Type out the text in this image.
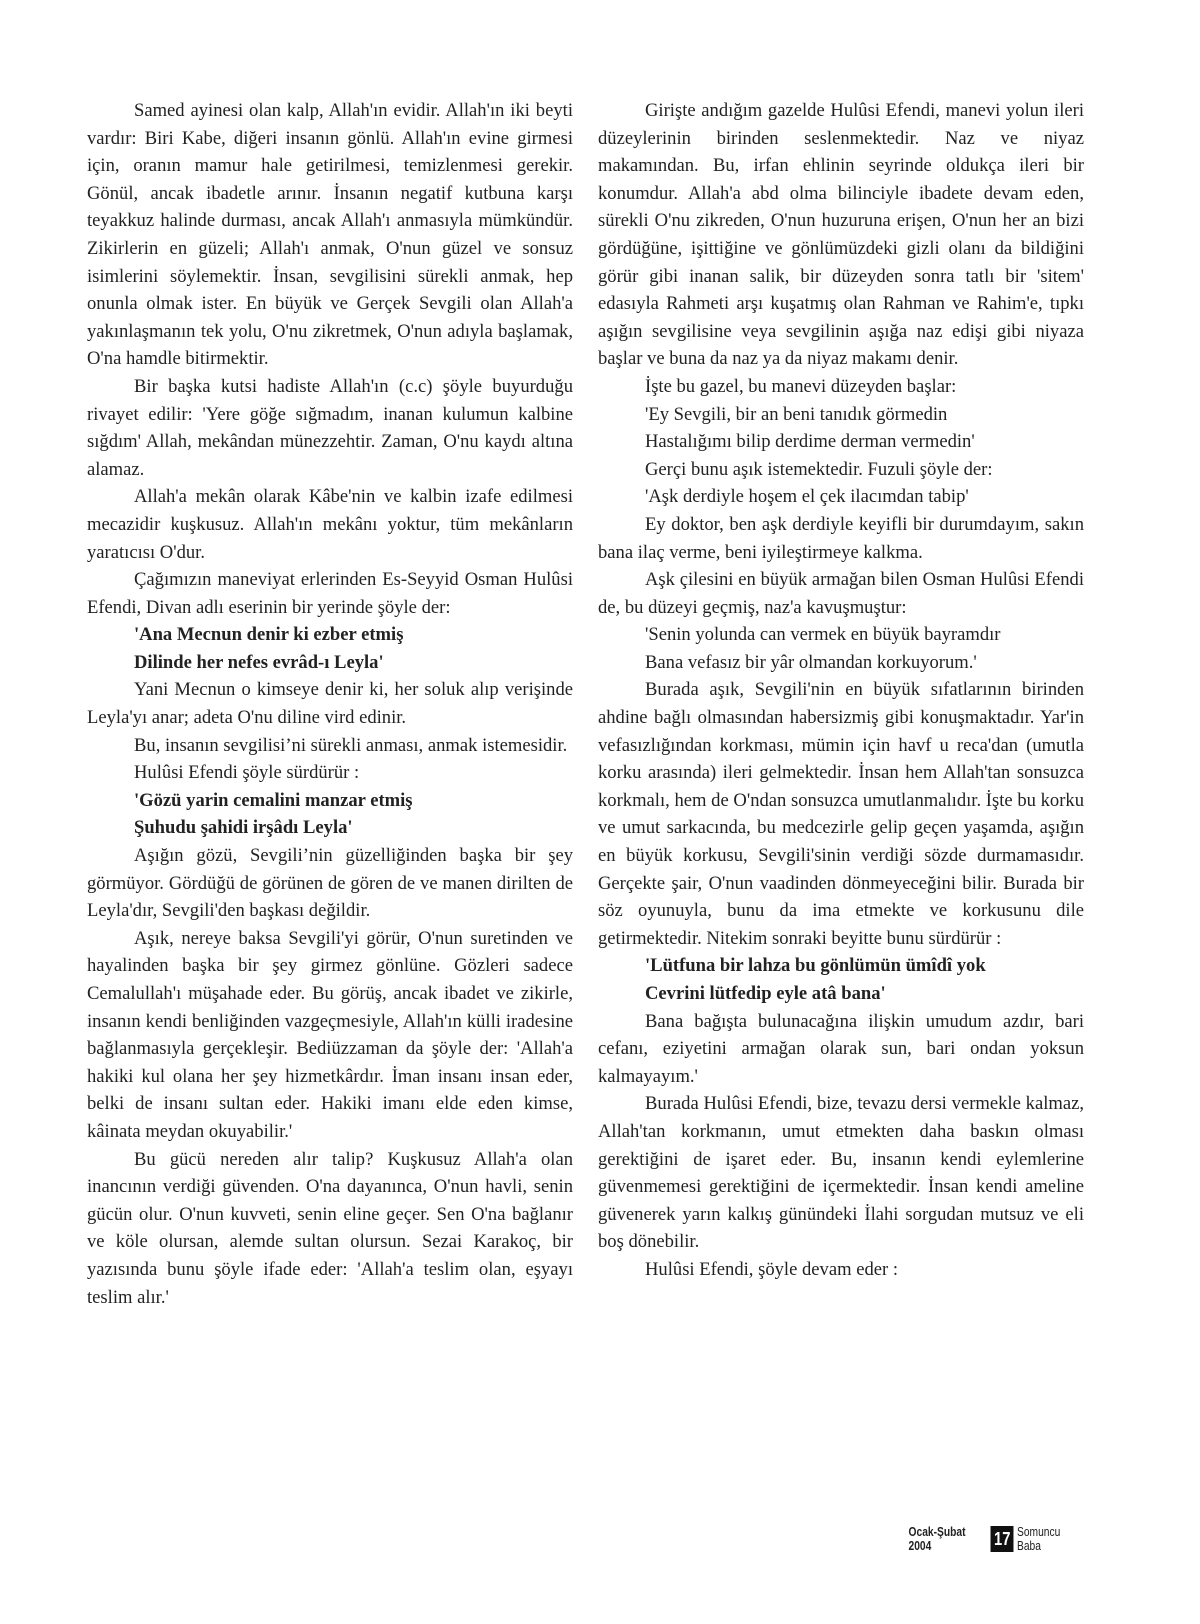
Samed ayinesi olan kalp, Allah'ın evidir. Allah'ın iki beyti vardır: Biri Kabe, diğeri insanın gönlü. Allah'ın evine girmesi için, oranın mamur hale getirilmesi, temizlenmesi gerekir. Gönül, ancak ibadetle arınır. İnsanın negatif kutbuna karşı teyakkuz halinde durması, ancak Allah'ı anmasıyla mümkündür. Zikirlerin en güzeli; Allah'ı anmak, O'nun güzel ve sonsuz isimlerini söylemektir. İnsan, sevgilisini sürekli anmak, hep onunla olmak ister. En büyük ve Gerçek Sevgili olan Allah'a yakınlaşmanın tek yolu, O'nu zikretmek, O'nun adıyla başlamak, O'na hamdle bitirmektir.

Bir başka kutsi hadiste Allah'ın (c.c) şöyle buyurduğu rivayet edilir: 'Yere göğe sığmadım, inanan kulumun kalbine sığdım' Allah, mekândan münezzehtir. Zaman, O'nu kaydı altına alamaz.

Allah'a mekân olarak Kâbe'nin ve kalbin izafe edilmesi mecazidir kuşkusuz. Allah'ın mekânı yoktur, tüm mekânların yaratıcısı O'dur.

Çağımızın maneviyat erlerinden Es-Seyyid Osman Hulûsi Efendi, Divan adlı eserinin bir yerinde şöyle der:

'Ana Mecnun denir ki ezber etmiş

Dilinde her nefes evrâd-ı Leyla'

Yani Mecnun o kimseye denir ki, her soluk alıp verişinde Leyla'yı anar; adeta O'nu diline vird edinir.

Bu, insanın sevgilisi’ni sürekli anması, anmak istemesidir.

Hulûsi Efendi şöyle sürdürür :

'Gözü yarin cemalini manzar etmiş

Şuhudu şahidi irşâdı Leyla'

Aşığın gözü, Sevgili’nin güzelliğinden başka bir şey görmüyor. Gördüğü de görünen de gören de ve manen dirilten de Leyla'dır, Sevgili'den başkası değildir.

Aşık, nereye baksa Sevgili'yi görür, O'nun suretinden ve hayalinden başka bir şey girmez gönlüne. Gözleri sadece Cemalullah'ı müşahade eder. Bu görüş, ancak ibadet ve zikirle, insanın kendi benliğinden vazgeçmesiyle, Allah'ın külli iradesine bağlanmasıyla gerçekleşir. Bediüzzaman da şöyle der: 'Allah'a hakiki kul olana her şey hizmetkârdır. İman insanı insan eder, belki de insanı sultan eder. Hakiki imanı elde eden kimse, kâinata meydan okuyabilir.'

Bu gücü nereden alır talip? Kuşkusuz Allah'a olan inancının verdiği güvenden. O'na dayanınca, O'nun havli, senin gücün olur. O'nun kuvveti, senin eline geçer. Sen O'na bağlanır ve köle olursan, alemde sultan olursun. Sezai Karakoç, bir yazısında bunu şöyle ifade eder: 'Allah'a teslim olan, eşyayı teslim alır.'

Girişte andığım gazelde Hulûsi Efendi, manevi yolun ileri düzeylerinin birinden seslenmektedir. Naz ve niyaz makamından. Bu, irfan ehlinin seyrinde oldukça ileri bir konumdur. Allah'a abd olma bilinciyle ibadete devam eden, sürekli O'nu zikreden, O'nun huzuruna erişen, O'nun her an bizi gördüğüne, işittiğine ve gönlümüzdeki gizli olanı da bildiğini görür gibi inanan salik, bir düzeyden sonra tatlı bir 'sitem' edasıyla Rahmeti arşı kuşatmış olan Rahman ve Rahim'e, tıpkı aşığın sevgilisine veya sevgilinin aşığa naz edişi gibi niyaza başlar ve buna da naz ya da niyaz makamı denir.

İşte bu gazel, bu manevi düzeyden başlar:

'Ey Sevgili, bir an beni tanıdık görmedin

Hastalığımı bilip derdime derman vermedin'

Gerçi bunu aşık istemektedir. Fuzuli şöyle der:

'Aşk derdiyle hoşem el çek ilacımdan tabip'

Ey doktor, ben aşk derdiyle keyifli bir durumdayım, sakın bana ilaç verme, beni iyileştirmeye kalkma.

Aşk çilesini en büyük armağan bilen Osman Hulûsi Efendi de, bu düzeyi geçmiş, naz'a kavuşmuştur:

'Senin yolunda can vermek en büyük bayramdır

Bana vefasız bir yâr olmandan korkuyorum.'

Burada aşık, Sevgili'nin en büyük sıfatlarının birinden ahdine bağlı olmasından habersizmiş gibi konuşmaktadır. Yar'in vefasızlığından korkması, mümin için havf u reca'dan (umutla korku arasında) ileri gelmektedir. İnsan hem Allah'tan sonsuzca korkmalı, hem de O'ndan sonsuzca umutlanmalıdır. İşte bu korku ve umut sarkacında, bu medcezirle gelip geçen yaşamda, aşığın en büyük korkusu, Sevgili'sinin verdiği sözde durmamasıdır. Gerçekte şair, O'nun vaadinden dönmeyeceğini bilir. Burada bir söz oyunuyla, bunu da ima etmekte ve korkusunu dile getirmektedir. Nitekim sonraki beyitte bunu sürdürür :

'Lütfuna bir lahza bu gönlümün ümîdî yok

Cevrini lütfedip eyle atâ bana'

Bana bağışta bulunacağına ilişkin umudum azdır, bari cefanı, eziyetini armağan olarak sun, bari ondan yoksun kalmayayım.'

Burada Hulûsi Efendi, bize, tevazu dersi vermekle kalmaz, Allah'tan korkmanın, umut etmekten daha baskın olması gerektiğini de işaret eder. Bu, insanın kendi eylemlerine güvenmemesi gerektiğini de içermektedir. İnsan kendi ameline güvenerek yarın kalkış günündeki İlahi sorgudan mutsuz ve eli boş dönebilir.

Hulûsi Efendi, şöyle devam eder :

Ocak-Şubat 2004	17 Somuncu Baba
